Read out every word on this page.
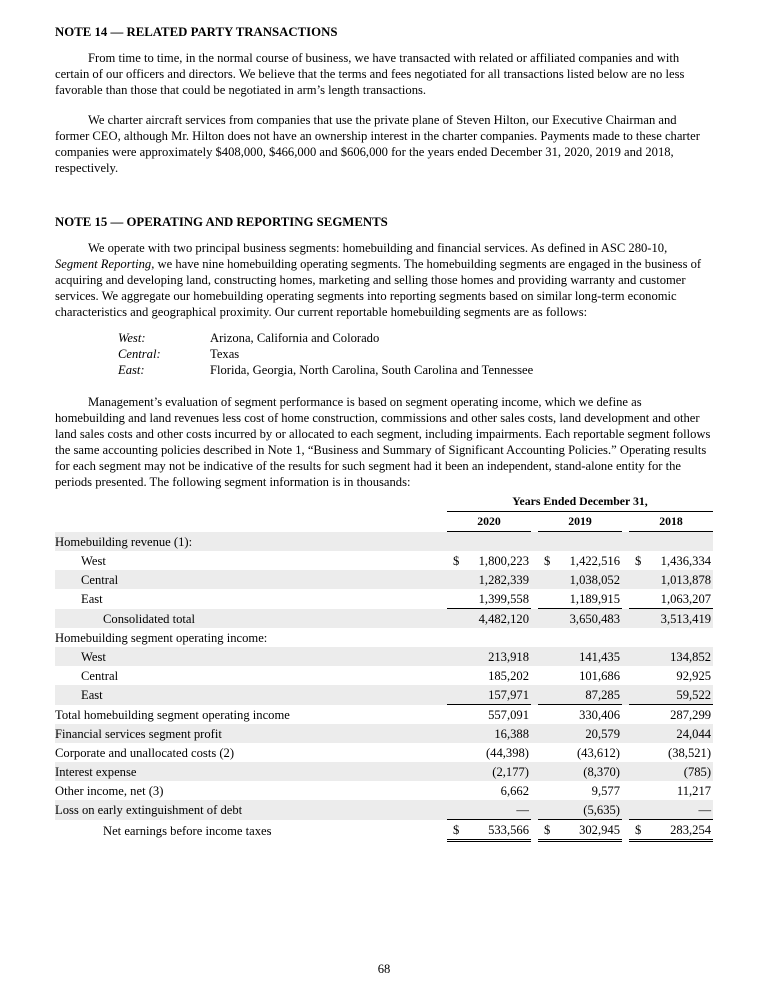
NOTE 14 — RELATED PARTY TRANSACTIONS

From time to time, in the normal course of business, we have transacted with related or affiliated companies and with certain of our officers and directors. We believe that the terms and fees negotiated for all transactions listed below are no less favorable than those that could be negotiated in arm’s length transactions.

We charter aircraft services from companies that use the private plane of Steven Hilton, our Executive Chairman and former CEO, although Mr. Hilton does not have an ownership interest in the charter companies. Payments made to these charter companies were approximately $408,000, $466,000 and $606,000 for the years ended December 31, 2020, 2019 and 2018, respectively.

NOTE 15 — OPERATING AND REPORTING SEGMENTS

We operate with two principal business segments: homebuilding and financial services. As defined in ASC 280-10, Segment Reporting, we have nine homebuilding operating segments. The homebuilding segments are engaged in the business of acquiring and developing land, constructing homes, marketing and selling those homes and providing warranty and customer services. We aggregate our homebuilding operating segments into reporting segments based on similar long-term economic characteristics and geographical proximity. Our current reportable homebuilding segments are as follows:

West:	Arizona, California and Colorado
Central:	Texas
East:	Florida, Georgia, North Carolina, South Carolina and Tennessee

Management’s evaluation of segment performance is based on segment operating income, which we define as homebuilding and land revenues less cost of home construction, commissions and other sales costs, land development and other land sales costs and other costs incurred by or allocated to each segment, including impairments. Each reportable segment follows the same accounting policies described in Note 1, “Business and Summary of Significant Accounting Policies.” Operating results for each segment may not be indicative of the results for such segment had it been an independent, stand-alone entity for the periods presented. The following segment information is in thousands:

	Years Ended December 31,				
	2020		2019		2018
Homebuilding revenue (1):					
West	$ 1,800,223		$ 1,422,516		$ 1,436,334
Central	1,282,339		1,038,052		1,013,878
East	1,399,558		1,189,915		1,063,207
Consolidated total	4,482,120		3,650,483		3,513,419
Homebuilding segment operating income:					
West	213,918		141,435		134,852
Central	185,202		101,686		92,925
East	157,971		87,285		59,522
Total homebuilding segment operating income	557,091		330,406		287,299
Financial services segment profit	16,388		20,579		24,044
Corporate and unallocated costs (2)	(44,398)		(43,612)		(38,521)
Interest expense	(2,177)		(8,370)		(785)
Other income, net (3)	6,662		9,577		11,217
Loss on early extinguishment of debt	—		(5,635)		—
Net earnings before income taxes	$ 533,566		$ 302,945		$ 283,254
68
